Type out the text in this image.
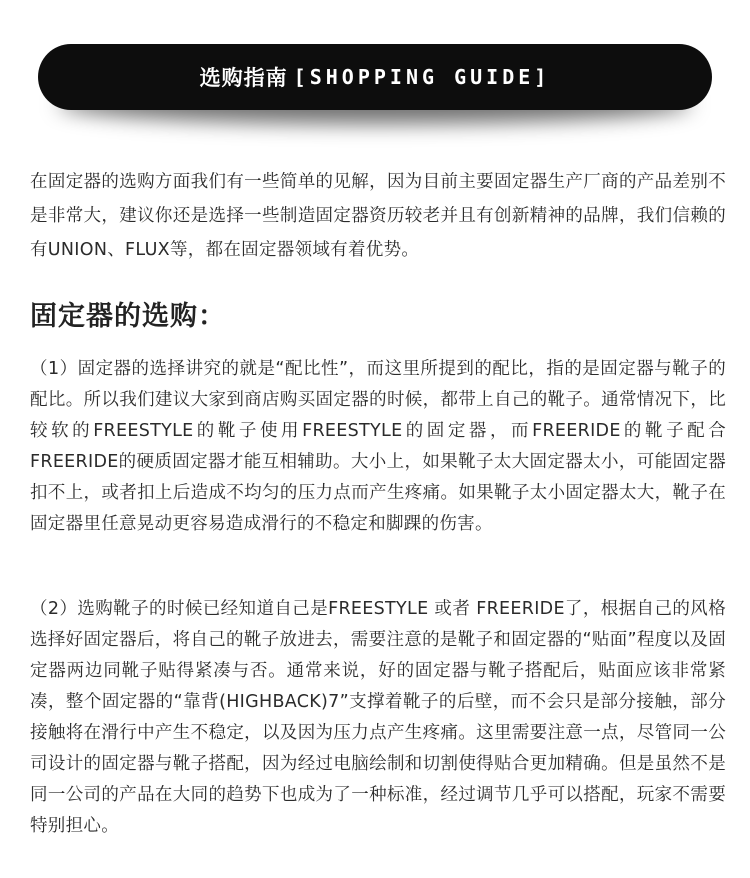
选购指南 [SHOPPING GUIDE]

在固定器的选购方面我们有一些简单的见解，因为目前主要固定器生产厂商的产品差别不是非常大，建议你还是选择一些制造固定器资历较老并且有创新精神的品牌，我们信赖的有UNION、FLUX等，都在固定器领域有着优势。

固定器的选购：

（1）固定器的选择讲究的就是“配比性”，而这里所提到的配比，指的是固定器与靴子的配比。所以我们建议大家到商店购买固定器的时候，都带上自己的靴子。通常情况下，比较软的FREESTYLE的靴子使用FREESTYLE的固定器，而FREERIDE的靴子配合FREERIDE的硬质固定器才能互相辅助。大小上，如果靴子太大固定器太小，可能固定器扣不上，或者扣上后造成不均匀的压力点而产生疼痛。如果靴子太小固定器太大，靴子在固定器里任意晃动更容易造成滑行的不稳定和脚踝的伤害。

（2）选购靴子的时候已经知道自己是FREESTYLE 或者 FREERIDE了，根据自己的风格选择好固定器后，将自己的靴子放进去，需要注意的是靴子和固定器的“贴面”程度以及固定器两边同靴子贴得紧凑与否。通常来说，好的固定器与靴子搭配后，贴面应该非常紧凑，整个固定器的“靠背(HIGHBACK)7”支撑着靴子的后壁，而不会只是部分接触，部分接触将在滑行中产生不稳定，以及因为压力点产生疼痛。这里需要注意一点，尽管同一公司设计的固定器与靴子搭配，因为经过电脑绘制和切割使得贴合更加精确。但是虽然不是同一公司的产品在大同的趋势下也成为了一种标准，经过调节几乎可以搭配，玩家不需要特别担心。
